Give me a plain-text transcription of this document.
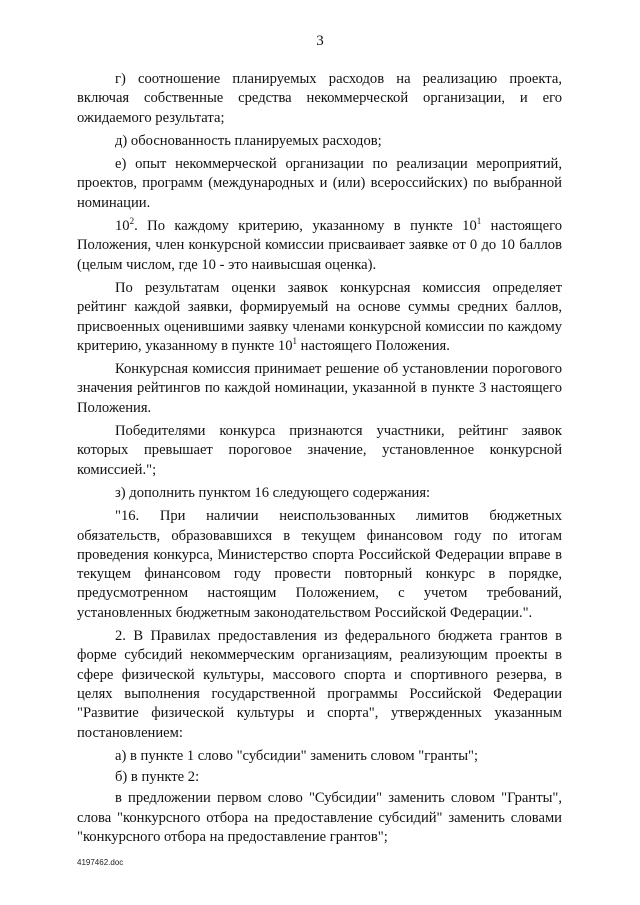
3
г) соотношение планируемых расходов на реализацию проекта, включая собственные средства некоммерческой организации, и его ожидаемого результата;
д) обоснованность планируемых расходов;
е) опыт некоммерческой организации по реализации мероприятий, проектов, программ (международных и (или) всероссийских) по выбранной номинации.
$10^2$. По каждому критерию, указанному в пункте $10^1$ настоящего Положения, член конкурсной комиссии присваивает заявке от 0 до 10 баллов (целым числом, где 10 - это наивысшая оценка).
По результатам оценки заявок конкурсная комиссия определяет рейтинг каждой заявки, формируемый на основе суммы средних баллов, присвоенных оценившими заявку членами конкурсной комиссии по каждому критерию, указанному в пункте $10^1$ настоящего Положения.
Конкурсная комиссия принимает решение об установлении порогового значения рейтингов по каждой номинации, указанной в пункте 3 настоящего Положения.
Победителями конкурса признаются участники, рейтинг заявок которых превышает пороговое значение, установленное конкурсной комиссией.";
з) дополнить пунктом 16 следующего содержания:
"16. При наличии неиспользованных лимитов бюджетных обязательств, образовавшихся в текущем финансовом году по итогам проведения конкурса, Министерство спорта Российской Федерации вправе в текущем финансовом году провести повторный конкурс в порядке, предусмотренном настоящим Положением, с учетом требований, установленных бюджетным законодательством Российской Федерации.".
2. В Правилах предоставления из федерального бюджета грантов в форме субсидий некоммерческим организациям, реализующим проекты в сфере физической культуры, массового спорта и спортивного резерва, в целях выполнения государственной программы Российской Федерации "Развитие физической культуры и спорта", утвержденных указанным постановлением:
а) в пункте 1 слово "субсидии" заменить словом "гранты";
б) в пункте 2:
в предложении первом слово "Субсидии" заменить словом "Гранты", слова "конкурсного отбора на предоставление субсидий" заменить словами "конкурсного отбора на предоставление грантов";
4197462.doc
